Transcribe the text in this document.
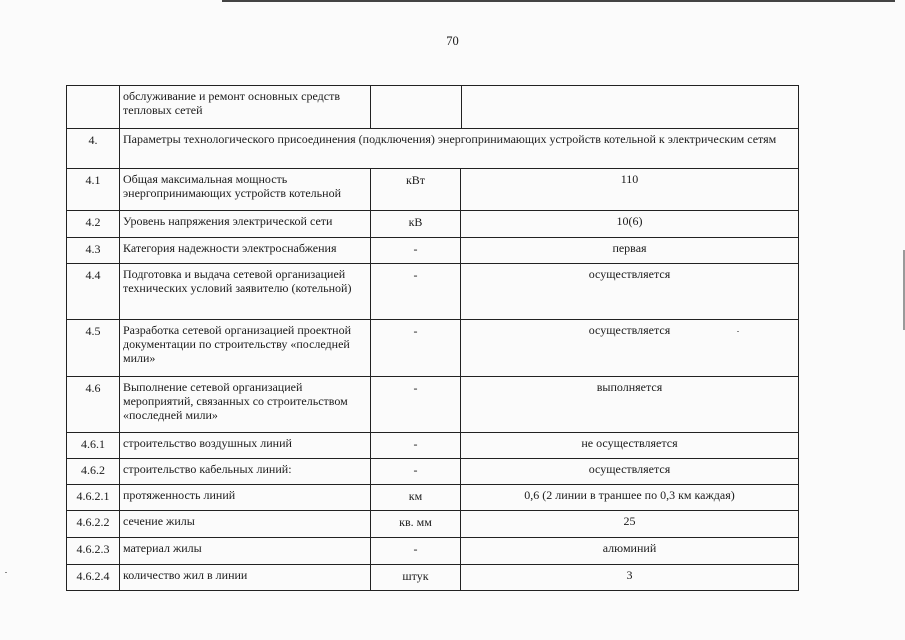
70
	обслуживание и ремонт основных средств тепловых сетей		

4.	Параметры технологического присоединения (подключения) энергопринимающих устройств котельной к электрическим сетям		
4.1	Общая максимальная мощность энергопринимающих устройств котельной	кВт	110
4.2	Уровень напряжения электрической сети	кВ	10(6)
4.3	Категория надежности электроснабжения	-	первая
4.4	Подготовка и выдача сетевой организацией технических условий заявителю (котельной)	-	осуществляется
4.5	Разработка сетевой организацией проектной документации по строительству «последней мили»	-	осуществляется
4.6	Выполнение сетевой организацией мероприятий, связанных со строительством «последней мили»	-	выполняется
4.6.1	строительство воздушных линий	-	не осуществляется
4.6.2	строительство кабельных линий:	-	осуществляется
4.6.2.1	протяженность линий	км	0,6 (2 линии в траншее по 0,3 км каждая)
4.6.2.2	сечение жилы	кв. мм	25
4.6.2.3	материал жилы	-	алюминий
4.6.2.4	количество жил в линии	штук	3
